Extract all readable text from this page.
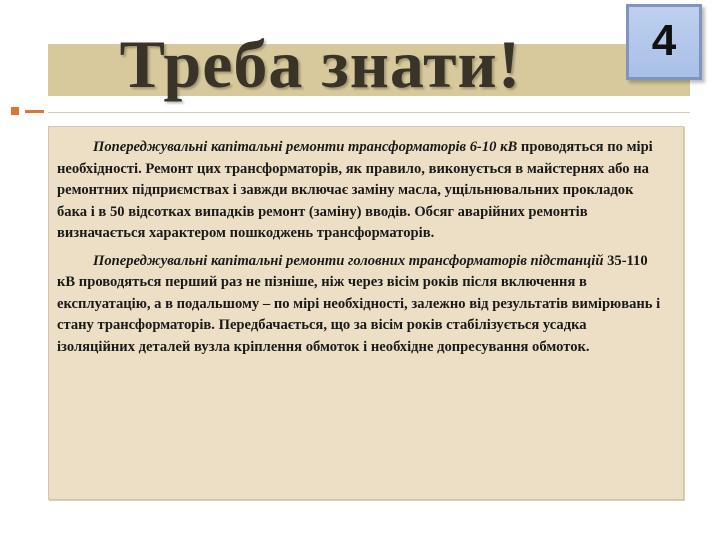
Треба знати!	4

Попереджувальні капітальні ремонти трансформаторів 6-10 кВ проводяться по мірі необхідності. Ремонт цих трансформаторів, як правило, виконується в майстернях або на ремонтних підприємствах і завжди включає заміну масла, ущільнювальних прокладок бака і в 50 відсотках випадків ремонт (заміну) вводів. Обсяг аварійних ремонтів визначається характером пошкоджень трансформаторів.

Попереджувальні капітальні ремонти головних трансформаторів підстанцій 35-110 кВ проводяться перший раз не пізніше, ніж через вісім років після включення в експлуатацію, а в подальшому – по мірі необхідності, залежно від результатів вимірювань і стану трансформаторів. Передбачається, що за вісім років стабілізується усадка ізоляційних деталей вузла кріплення обмоток і необхідне допресування обмоток.
